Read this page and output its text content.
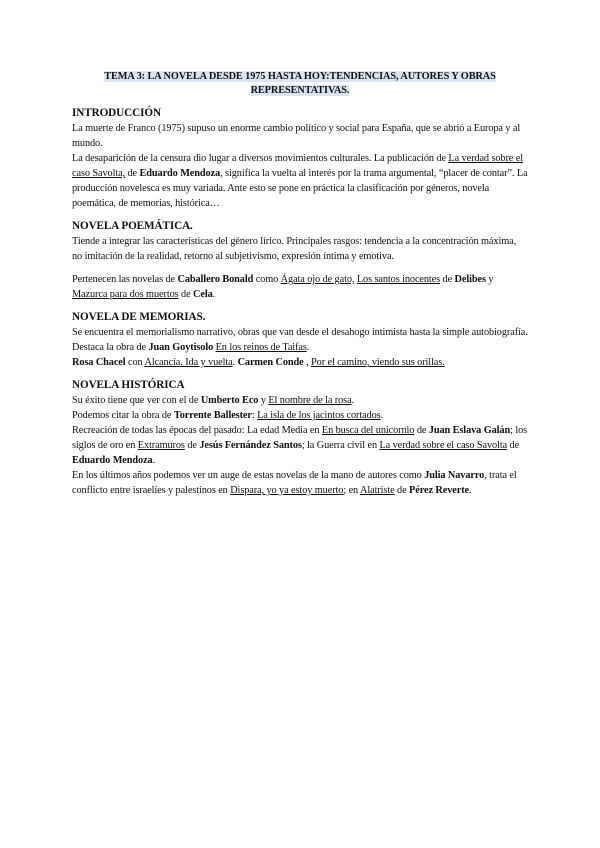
TEMA 3: LA NOVELA DESDE 1975 HASTA HOY:TENDENCIAS, AUTORES Y OBRAS REPRESENTATIVAS.

INTRODUCCIÓN

La muerte de Franco (1975) supuso un enorme cambio político y social para España, que se abrió a Europa y al mundo.

La desaparición de la censura dio lugar a diversos movimientos culturales. La publicación de La verdad sobre el caso Savolta, de Eduardo Mendoza, significa la vuelta al interés por la trama argumental, “placer de contar”. La producción novelesca es muy variada. Ante esto se pone en práctica la clasificación por géneros, novela poemática, de memorias, histórica…

NOVELA POEMÁTICA.

Tiende a integrar las características del género lírico. Principales rasgos: tendencia a la concentración máxima, no imitación de la realidad, retorno al subjetivismo, expresión íntima y emotiva.

Pertenecen las novelas de Caballero Bonald como Ágata ojo de gato, Los santos inocentes de Delibes y Mazurca para dos muertos de Cela.

NOVELA DE MEMORIAS.

Se encuentra el memorialismo narrativo, obras que van desde el desahogo intimista hasta la simple autobiografía.

Destaca la obra de Juan Goytisolo En los reinos de Taifas.

Rosa Chacel con Alcancía. Ida y vuelta. Carmen Conde , Por el camino, viendo sus orillas.

NOVELA HISTÓRICA

Su éxito tiene que ver con el de Umberto Eco y El nombre de la rosa.

Podemos citar la obra de Torrente Ballester: La isla de los jacintos cortados.

Recreación de todas las épocas del pasado: La edad Media en En busca del unicornio de Juan Eslava Galán; los siglos de oro en Extramuros de Jesús Fernández Santos; la Guerra civil en La verdad sobre el caso Savolta de Eduardo Mendoza.

En los últimos años podemos ver un auge de estas novelas de la mano de autores como Julia Navarro, trata el conflicto entre israelíes y palestinos en Dispara, yo ya estoy muerto; en Alatriste de Pérez Reverte.
